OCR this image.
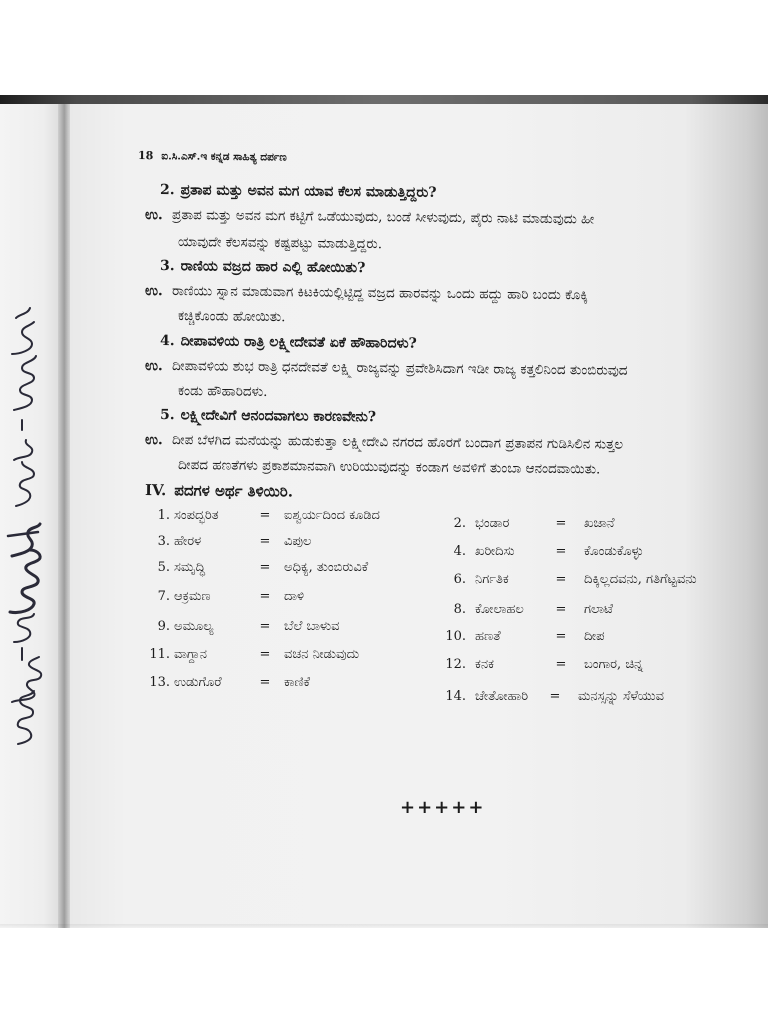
18 ಐ.ಸಿ.ಎಸ್.ಇ ಕನ್ನಡ ಸಾಹಿತ್ಯ ದರ್ಪಣ
2. ಪ್ರತಾಪ ಮತ್ತು ಅವನ ಮಗ ಯಾವ ಕೆಲಸ ಮಾಡುತ್ತಿದ್ದರು?
ಉ. ಪ್ರತಾಪ ಮತ್ತು ಅವನ ಮಗ ಕಟ್ಟಿಗೆ ಒಡೆಯುವುದು, ಬಂಡೆ ಸೀಳುವುದು, ಪೈರು ನಾಟಿ ಮಾಡುವುದು ಹೀ
ಯಾವುದೇ ಕೆಲಸವನ್ನು ಕಷ್ಟಪಟ್ಟು ಮಾಡುತ್ತಿದ್ದರು.
3. ರಾಣಿಯ ವಜ್ರದ ಹಾರ ಎಲ್ಲಿ ಹೋಯಿತು?
ಉ. ರಾಣಿಯು ಸ್ನಾನ ಮಾಡುವಾಗ ಕಿಟಕಿಯಲ್ಲಿಟ್ಟಿದ್ದ ವಜ್ರದ ಹಾರವನ್ನು ಒಂದು ಹದ್ದು ಹಾರಿ ಬಂದು ಕೊಕ್ಕಿ
ಕಚ್ಚಿಕೊಂಡು ಹೋಯಿತು.
4. ದೀಪಾವಳಿಯ ರಾತ್ರಿ ಲಕ್ಷ್ಮೀದೇವತೆ ಏಕೆ ಹೌಹಾರಿದಳು?
ಉ. ದೀಪಾವಳಿಯ ಶುಭ ರಾತ್ರಿ ಧನದೇವತೆ ಲಕ್ಷ್ಮಿ ರಾಜ್ಯವನ್ನು ಪ್ರವೇಶಿಸಿದಾಗ ಇಡೀ ರಾಜ್ಯ ಕತ್ತಲಿನಿಂದ ತುಂಬಿರುವುದ
ಕಂಡು ಹೌಹಾರಿದಳು.
5. ಲಕ್ಷ್ಮೀದೇವಿಗೆ ಆನಂದವಾಗಲು ಕಾರಣವೇನು?
ಉ. ದೀಪ ಬೆಳಗಿದ ಮನೆಯನ್ನು ಹುಡುಕುತ್ತಾ ಲಕ್ಷ್ಮೀದೇವಿ ನಗರದ ಹೊರಗೆ ಬಂದಾಗ ಪ್ರತಾಪನ ಗುಡಿಸಿಲಿನ ಸುತ್ತಲ
ದೀಪದ ಹಣತೆಗಳು ಪ್ರಕಾಶಮಾನವಾಗಿ ಉರಿಯುವುದನ್ನು ಕಂಡಾಗ ಅವಳಿಗೆ ತುಂಬಾ ಆನಂದವಾಯಿತು.
IV. ಪದಗಳ ಅರ್ಥ ತಿಳಿಯಿರಿ.
1. ಸಂಪದ್ಭರಿತ	= ಐಶ್ವರ್ಯದಿಂದ ಕೂಡಿದ
3. ಹೇರಳ	= ವಿಪುಲ
5. ಸಮೃದ್ಧಿ	= ಅಧಿಕ್ಯ, ತುಂಬಿರುವಿಕೆ
7. ಆಕ್ರಮಣ	= ದಾಳಿ
9. ಅಮೂಲ್ಯ	= ಬೆಲೆ ಬಾಳುವ
11. ವಾಗ್ದಾನ	= ವಚನ ನೀಡುವುದು
13. ಉಡುಗೊರೆ	= ಕಾಣಿಕೆ
2. ಭಂಡಾರ	= ಖಜಾನೆ
4. ಖರೀದಿಸು	= ಕೊಂಡುಕೊಳ್ಳು
6. ನಿರ್ಗತಿಕ	= ದಿಕ್ಕಿಲ್ಲದವನು, ಗತಿಗೆಟ್ಟವನು
8. ಕೋಲಾಹಲ	= ಗಲಾಟೆ
10. ಹಣತೆ	= ದೀಪ
12. ಕನಕ	= ಬಂಗಾರ, ಚಿನ್ನ
14. ಚೇತೋಹಾರಿ	= ಮನಸ್ಸನ್ನು ಸೆಳೆಯುವ
+++++
